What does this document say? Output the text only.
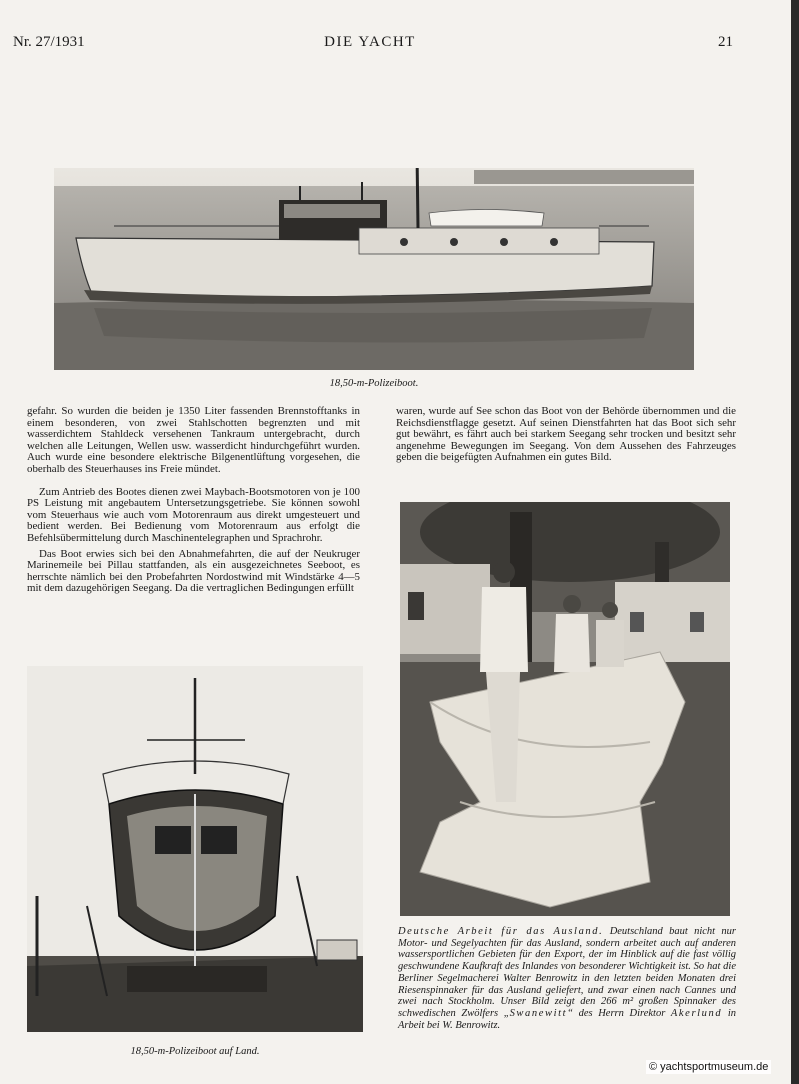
Nr. 27/1931	DIE YACHT	21
18,50-m-Polizeiboot.

gefahr. So wurden die beiden je 1350 Liter fassenden Brennstofftanks in einem besonderen, von zwei Stahlschotten begrenzten und mit wasserdichtem Stahldeck versehenen Tankraum untergebracht, durch welchen alle Leitungen, Wellen usw. wasserdicht hindurchgeführt wurden. Auch wurde eine besondere elektrische Bilgenentlüftung vorgesehen, die oberhalb des Steuerhauses ins Freie mündet.

Zum Antrieb des Bootes dienen zwei Maybach-Bootsmotoren von je 100 PS Leistung mit angebautem Untersetzungsgetriebe. Sie können sowohl vom Steuerhaus wie auch vom Motorenraum aus direkt umgesteuert und bedient werden. Bei Bedienung vom Motorenraum aus erfolgt die Befehlsübermittelung durch Maschinentelegraphen und Sprachrohr.

Das Boot erwies sich bei den Abnahmefahrten, die auf der Neukruger Marinemeile bei Pillau stattfanden, als ein ausgezeichnetes Seeboot, es herrschte nämlich bei den Probefahrten Nordostwind mit Windstärke 4—5 mit dem dazugehörigen Seegang. Da die vertraglichen Bedingungen erfüllt

waren, wurde auf See schon das Boot von der Behörde übernommen und die Reichsdienstflagge gesetzt. Auf seinen Dienstfahrten hat das Boot sich sehr gut bewährt, es fährt auch bei starkem Seegang sehr trocken und besitzt sehr angenehme Bewegungen im Seegang. Von dem Aussehen des Fahrzeuges geben die beigefügten Aufnahmen ein gutes Bild.

18,50-m-Polizeiboot auf Land.
Deutsche Arbeit für das Ausland. Deutschland baut nicht nur Motor- und Segelyachten für das Ausland, sondern arbeitet auch auf anderen wassersportlichen Gebieten für den Export, der im Hinblick auf die fast völlig geschwundene Kaufkraft des Inlandes von besonderer Wichtigkeit ist. So hat die Berliner Segelmacherei Walter Benrowitz in den letzten beiden Monaten drei Riesenspinnaker für das Ausland geliefert, und zwar einen nach Cannes und zwei nach Stockholm. Unser Bild zeigt den 266 m² großen Spinnaker des schwedischen Zwölfers „Swanewitt“ des Herrn Direktor Akerlund in Arbeit bei W. Benrowitz.
© yachtsportmuseum.de
